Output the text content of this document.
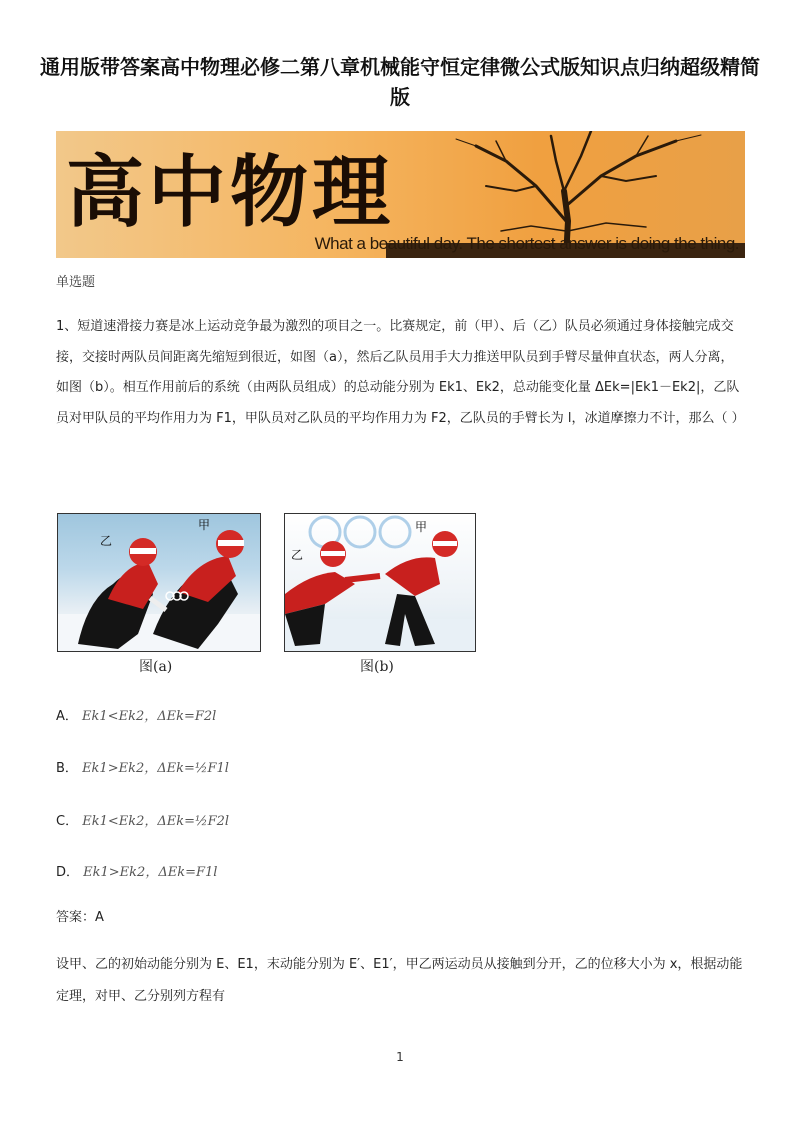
通用版带答案高中物理必修二第八章机械能守恒定律微公式版知识点归纳超级精简版
高中物理
What a beautiful day. The shortest answer is doing the thing.
单选题
1、短道速滑接力赛是冰上运动竞争最为激烈的项目之一。比赛规定，前（甲）、后（乙）队员必须通过身体接触完成交接，交接时两队员间距离先缩短到很近，如图（a），然后乙队员用手大力推送甲队员到手臂尽量伸直状态，两人分离，如图（b）。相互作用前后的系统（由两队员组成）的总动能分别为 Ek1、Ek2，总动能变化量 ΔEk=|Ek1－Ek2|，乙队员对甲队员的平均作用力为 F1，甲队员对乙队员的平均作用力为 F2，乙队员的手臂长为 l，冰道摩擦力不计，那么（ ）
乙
甲
图(a)
乙
甲
图(b)
A． Ek1<Ek2，ΔEk=F2l
B． Ek1>Ek2，ΔEk=½F1l
C． Ek1<Ek2，ΔEk=½F2l
D． Ek1>Ek2，ΔEk=F1l
答案：A
设甲、乙的初始动能分别为 E、E1，末动能分别为 E′、E1′，甲乙两运动员从接触到分开，乙的位移大小为 x，根据动能定理，对甲、乙分别列方程有
1
